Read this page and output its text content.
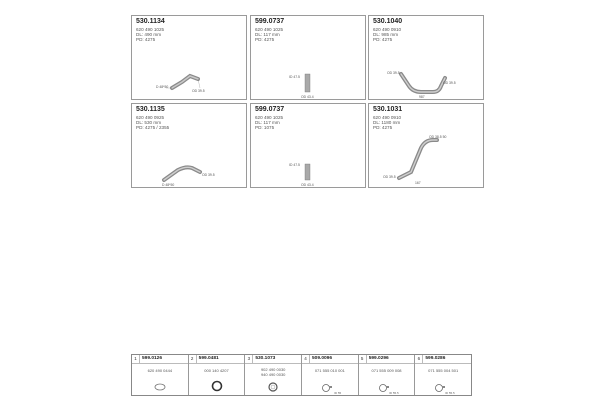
530.1134
620 490 1025
DL: 490 mm
PD: 4275
D 48*50
OD 39.5
599.0737
620 490 1025
DL: 117 mm
PD: 4275
ID 47.5
OD 43.4
530.1040
620 490 0910
DL: 985 mm
PD: 4275
OD 39.5
OD 39.5
987
530.1135
620 490 0925
DL: 530 mm
PD: 4275 / 2355
D 48*50
OD 39.5
599.0737
620 490 1025
DL: 117 mm
PD: 1075
ID 47.5
OD 43.4
530.1031
620 490 0910
DL: 1180 mm
PD: 4275
OD 38.5 50
OD 39.5
167
1	599.0126
620 490 0444
2	599.0481
000 140 4207
3	530.1073
902 490 0030
940 490 0030
4	509.0096
071 555 010 001
ID 55
5	599.0296
071 555 009 008
ID 55.5
6	599.0286
071 555 004 501
ID 55.5
